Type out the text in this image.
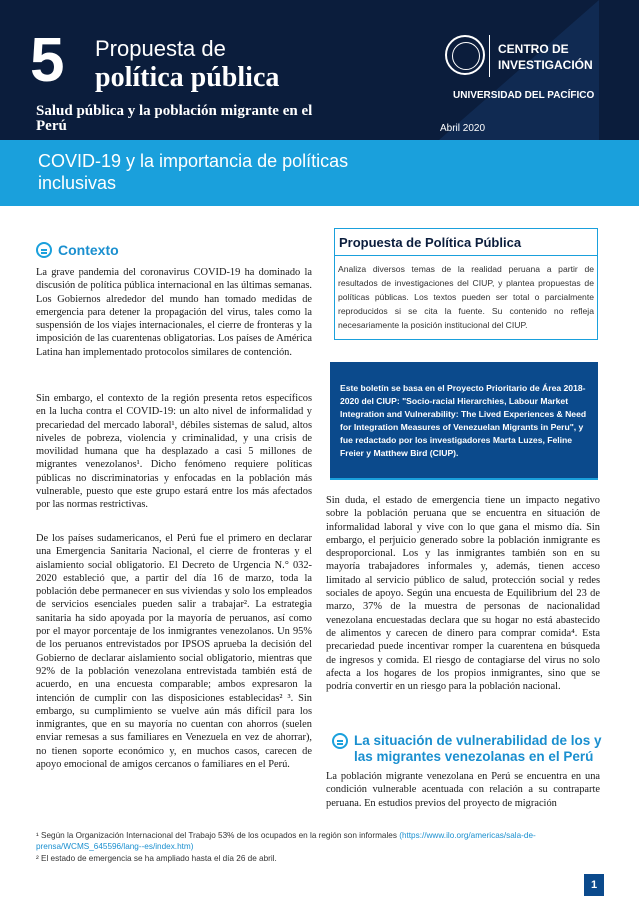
5 Propuesta de
política pública
Salud pública y la población migrante en el Perú
CENTRO DE
INVESTIGACIÓN
UNIVERSIDAD DEL PACÍFICO
Abril 2020
COVID-19 y la importancia de políticas inclusivas
Contexto

La grave pandemia del coronavirus COVID-19 ha dominado la discusión de política pública internacional en las últimas semanas. Los Gobiernos alrededor del mundo han tomado medidas de emergencia para detener la propagación del virus, tales como la suspensión de los viajes internacionales, el cierre de fronteras y la imposición de las cuarentenas obligatorias. Los países de América Latina han implementado protocolos similares de contención.

Sin embargo, el contexto de la región presenta retos específicos en la lucha contra el COVID-19: un alto nivel de informalidad y precariedad del mercado laboral¹, débiles sistemas de salud, altos niveles de pobreza, violencia y criminalidad, y una crisis de movilidad humana que ha desplazado a casi 5 millones de migrantes venezolanos¹. Dicho fenómeno requiere políticas públicas no discriminatorias y enfocadas en la población más vulnerable, puesto que este grupo estará entre los más afectados por las normas restrictivas.

De los países sudamericanos, el Perú fue el primero en declarar una Emergencia Sanitaria Nacional, el cierre de fronteras y el aislamiento social obligatorio. El Decreto de Urgencia N.° 032-2020 estableció que, a partir del día 16 de marzo, toda la población debe permanecer en sus viviendas y solo los empleados de servicios esenciales pueden salir a trabajar². La estrategia sanitaria ha sido apoyada por la mayoría de peruanos, así como por el mayor porcentaje de los inmigrantes venezolanos. Un 95% de los peruanos entrevistados por IPSOS aprueba la decisión del Gobierno de declarar aislamiento social obligatorio, mientras que 92% de la población venezolana entrevistada también está de acuerdo, en una encuesta comparable; ambos expresaron la intención de cumplir con las disposiciones establecidas² ³. Sin embargo, su cumplimiento se vuelve aún más difícil para los inmigrantes, que en su mayoría no cuentan con ahorros (suelen enviar remesas a sus familiares en Venezuela en vez de ahorrar), no tienen soporte económico y, en muchos casos, carecen de apoyo emocional de amigos cercanos o familiares en el Perú.

Propuesta de Política Pública
Analiza diversos temas de la realidad peruana a partir de resultados de investigaciones del CIUP, y plantea propuestas de políticas públicas. Los textos pueden ser total o parcialmente reproducidos si se cita la fuente. Su contenido no refleja necesariamente la posición institucional del CIUP.
Este boletín se basa en el Proyecto Prioritario de Área 2018-2020 del CIUP: "Socio-racial Hierarchies, Labour Market Integration and Vulnerability: The Lived Experiences & Need for Integration Measures of Venezuelan Migrants in Peru", y fue redactado por los investigadores Marta Luzes, Feline Freier y Matthew Bird (CIUP).

Sin duda, el estado de emergencia tiene un impacto negativo sobre la población peruana que se encuentra en situación de informalidad laboral y vive con lo que gana el mismo día. Sin embargo, el perjuicio generado sobre la población inmigrante es desproporcional. Los y las inmigrantes también son en su mayoría trabajadores informales y, además, tienen acceso limitado al servicio público de salud, protección social y redes sociales de apoyo. Según una encuesta de Equilibrium del 23 de marzo, 37% de la muestra de personas de nacionalidad venezolana encuestadas declara que su hogar no está abastecido de alimentos y carecen de dinero para comprar comida⁴. Esta precariedad puede incentivar romper la cuarentena en búsqueda de ingresos y comida. El riesgo de contagiarse del virus no solo afecta a los hogares de los propios inmigrantes, sino que se podría convertir en un riesgo para la población nacional.

La situación de vulnerabilidad de los y las migrantes venezolanas en el Perú

La población migrante venezolana en Perú se encuentra en una condición vulnerable acentuada con relación a su contraparte peruana. En estudios previos del proyecto de migración

¹ Según la Organización Internacional del Trabajo 53% de los ocupados en la región son informales (https://www.ilo.org/americas/sala-de-prensa/WCMS_645596/lang--es/index.htm)
² El estado de emergencia se ha ampliado hasta el día 26 de abril.
1
